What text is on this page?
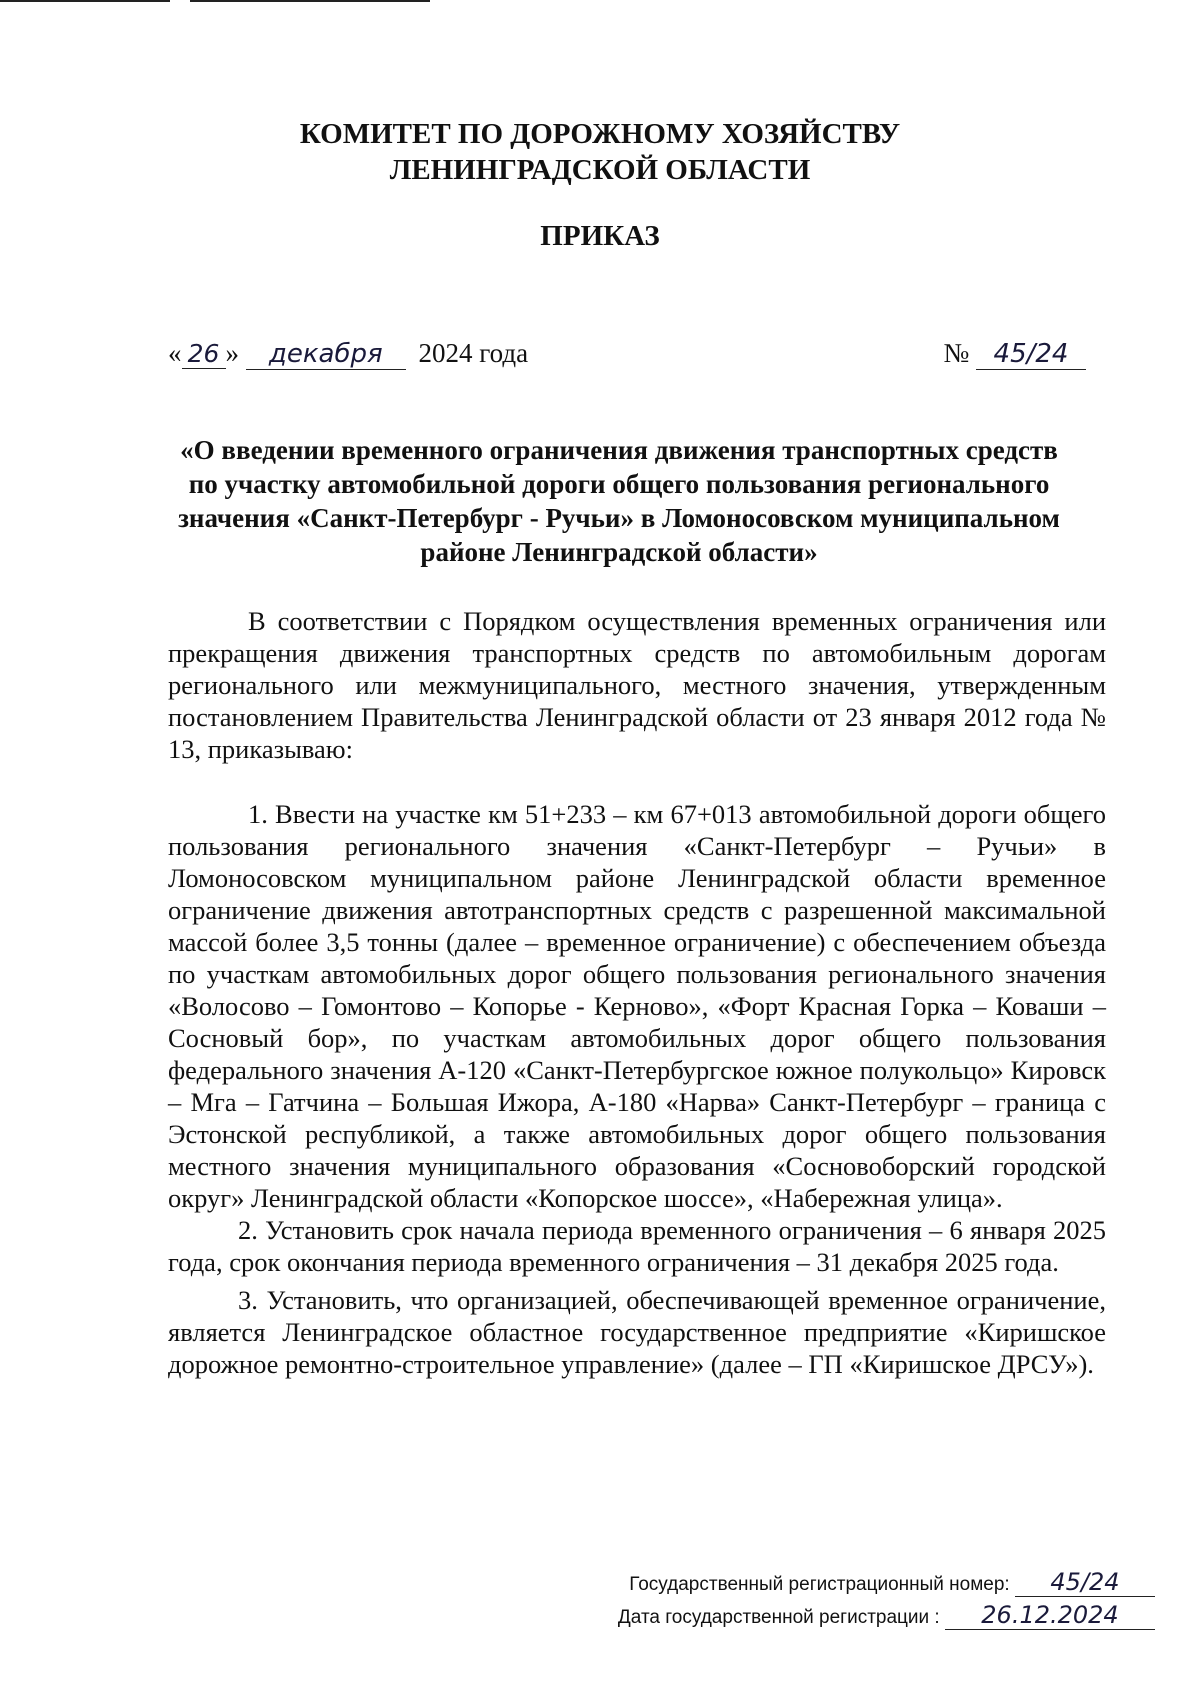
КОМИТЕТ ПО ДОРОЖНОМУ ХОЗЯЙСТВУ
ЛЕНИНГРАДСКОЙ ОБЛАСТИ
ПРИКАЗ
« 26 » декабря 2024 года	№ 45/24
«О введении временного ограничения движения транспортных средств
по участку автомобильной дороги общего пользования регионального
значения «Санкт-Петербург - Ручьи» в Ломоносовском муниципальном
районе Ленинградской области»

В соответствии с Порядком осуществления временных ограничения или прекращения движения транспортных средств по автомобильным дорогам регионального или межмуниципального, местного значения, утвержденным постановлением Правительства Ленинградской области от 23 января 2012 года № 13, приказываю:

1. Ввести на участке км 51+233 – км 67+013 автомобильной дороги общего пользования регионального значения «Санкт-Петербург – Ручьи» в Ломоносовском муниципальном районе Ленинградской области временное ограничение движения автотранспортных средств с разрешенной максимальной массой более 3,5 тонны (далее – временное ограничение) с обеспечением объезда по участкам автомобильных дорог общего пользования регионального значения «Волосово – Гомонтово – Копорье - Керново», «Форт Красная Горка – Коваши – Сосновый бор», по участкам автомобильных дорог общего пользования федерального значения А-120 «Санкт-Петербургское южное полукольцо» Кировск – Мга – Гатчина – Большая Ижора, А-180 «Нарва» Санкт-Петербург – граница с Эстонской республикой, а также автомобильных дорог общего пользования местного значения муниципального образования «Сосновоборский городской округ» Ленинградской области «Копорское шоссе», «Набережная улица».

2. Установить срок начала периода временного ограничения – 6 января 2025 года, срок окончания периода временного ограничения – 31 декабря 2025 года.

3. Установить, что организацией, обеспечивающей временное ограничение, является Ленинградское областное государственное предприятие «Киришское дорожное ремонтно-строительное управление» (далее – ГП «Киришское ДРСУ»).

Государственный регистрационный номер: 45/24
Дата государственной регистрации : 26.12.2024
